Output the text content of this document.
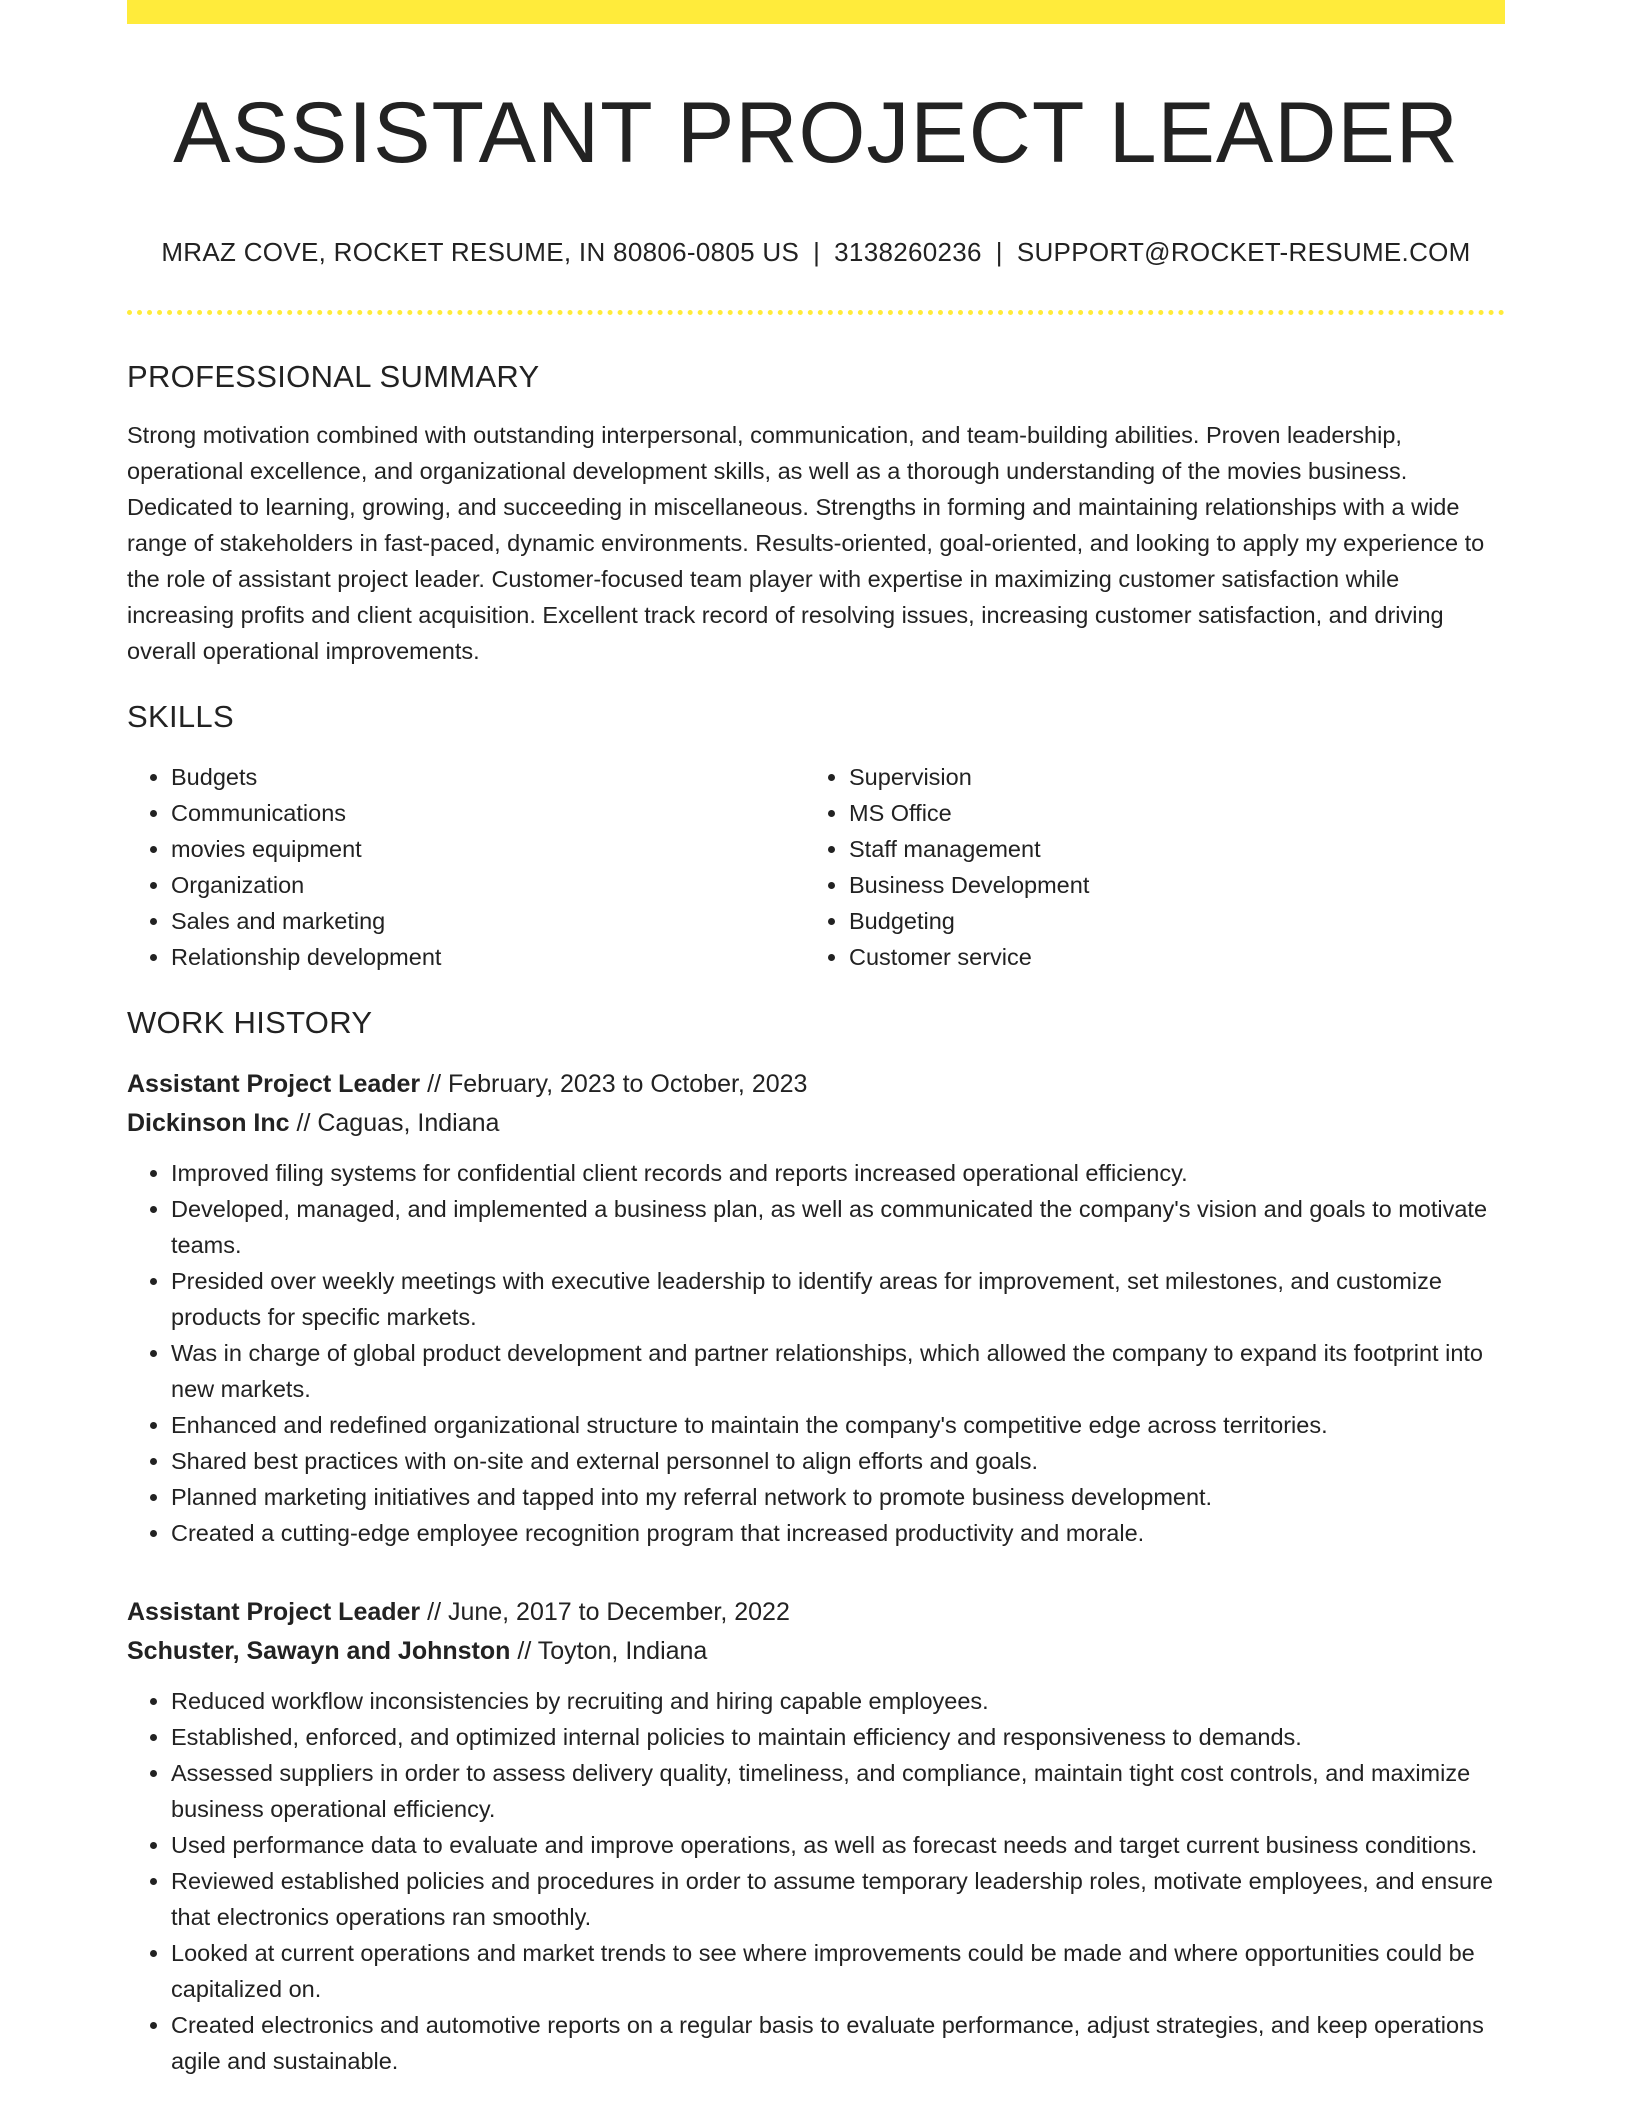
ASSISTANT PROJECT LEADER
MRAZ COVE, ROCKET RESUME, IN 80806-0805 US | 3138260236 | SUPPORT@ROCKET-RESUME.COM
PROFESSIONAL SUMMARY

Strong motivation combined with outstanding interpersonal, communication, and team-building abilities. Proven leadership, operational excellence, and organizational development skills, as well as a thorough understanding of the movies business. Dedicated to learning, growing, and succeeding in miscellaneous. Strengths in forming and maintaining relationships with a wide range of stakeholders in fast-paced, dynamic environments. Results-oriented, goal-oriented, and looking to apply my experience to the role of assistant project leader. Customer-focused team player with expertise in maximizing customer satisfaction while increasing profits and client acquisition. Excellent track record of resolving issues, increasing customer satisfaction, and driving overall operational improvements.

SKILLS
• Budgets
• Communications
• movies equipment
• Organization
• Sales and marketing
• Relationship development
• Supervision
• MS Office
• Staff management
• Business Development
• Budgeting
• Customer service
WORK HISTORY
Assistant Project Leader // February, 2023 to October, 2023
Dickinson Inc // Caguas, Indiana
• Improved filing systems for confidential client records and reports increased operational efficiency.
• Developed, managed, and implemented a business plan, as well as communicated the company's vision and goals to motivate teams.
• Presided over weekly meetings with executive leadership to identify areas for improvement, set milestones, and customize products for specific markets.
• Was in charge of global product development and partner relationships, which allowed the company to expand its footprint into new markets.
• Enhanced and redefined organizational structure to maintain the company's competitive edge across territories.
• Shared best practices with on-site and external personnel to align efforts and goals.
• Planned marketing initiatives and tapped into my referral network to promote business development.
• Created a cutting-edge employee recognition program that increased productivity and morale.
Assistant Project Leader // June, 2017 to December, 2022
Schuster, Sawayn and Johnston // Toyton, Indiana
• Reduced workflow inconsistencies by recruiting and hiring capable employees.
• Established, enforced, and optimized internal policies to maintain efficiency and responsiveness to demands.
• Assessed suppliers in order to assess delivery quality, timeliness, and compliance, maintain tight cost controls, and maximize business operational efficiency.
• Used performance data to evaluate and improve operations, as well as forecast needs and target current business conditions.
• Reviewed established policies and procedures in order to assume temporary leadership roles, motivate employees, and ensure that electronics operations ran smoothly.
• Looked at current operations and market trends to see where improvements could be made and where opportunities could be capitalized on.
• Created electronics and automotive reports on a regular basis to evaluate performance, adjust strategies, and keep operations agile and sustainable.
